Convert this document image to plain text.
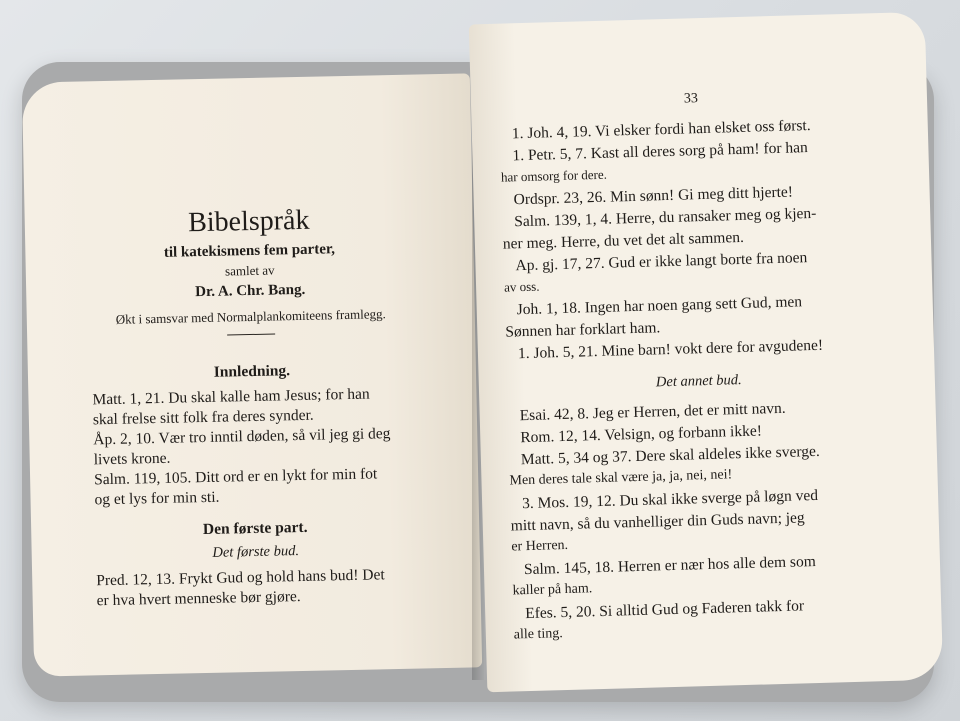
Bibelspråk
til katekismens fem parter,
samlet av
Dr. A. Chr. Bang.
Økt i samsvar med Normalplankomiteens framlegg.
Innledning.
Matt. 1, 21. Du skal kalle ham Jesus; for han
skal frelse sitt folk fra deres synder.
Åp. 2, 10. Vær tro inntil døden, så vil jeg gi deg
livets krone.
Salm. 119, 105. Ditt ord er en lykt for min fot
og et lys for min sti.
Den første part.
Det første bud.
Pred. 12, 13. Frykt Gud og hold hans bud! Det
er hva hvert menneske bør gjøre.
33
1. Joh. 4, 19. Vi elsker fordi han elsket oss først.
1. Petr. 5, 7. Kast all deres sorg på ham! for han
har omsorg for dere.
Ordspr. 23, 26. Min sønn! Gi meg ditt hjerte!
Salm. 139, 1, 4. Herre, du ransaker meg og kjen-
ner meg. Herre, du vet det alt sammen.
Ap. gj. 17, 27. Gud er ikke langt borte fra noen
av oss.
Joh. 1, 18. Ingen har noen gang sett Gud, men
Sønnen har forklart ham.
1. Joh. 5, 21. Mine barn! vokt dere for avgudene!
Det annet bud.
Esai. 42, 8. Jeg er Herren, det er mitt navn.
Rom. 12, 14. Velsign, og forbann ikke!
Matt. 5, 34 og 37. Dere skal aldeles ikke sverge.
Men deres tale skal være ja, ja, nei, nei!
3. Mos. 19, 12. Du skal ikke sverge på løgn ved
mitt navn, så du vanhelliger din Guds navn; jeg
er Herren.
Salm. 145, 18. Herren er nær hos alle dem som
kaller på ham.
Efes. 5, 20. Si alltid Gud og Faderen takk for
alle ting.
